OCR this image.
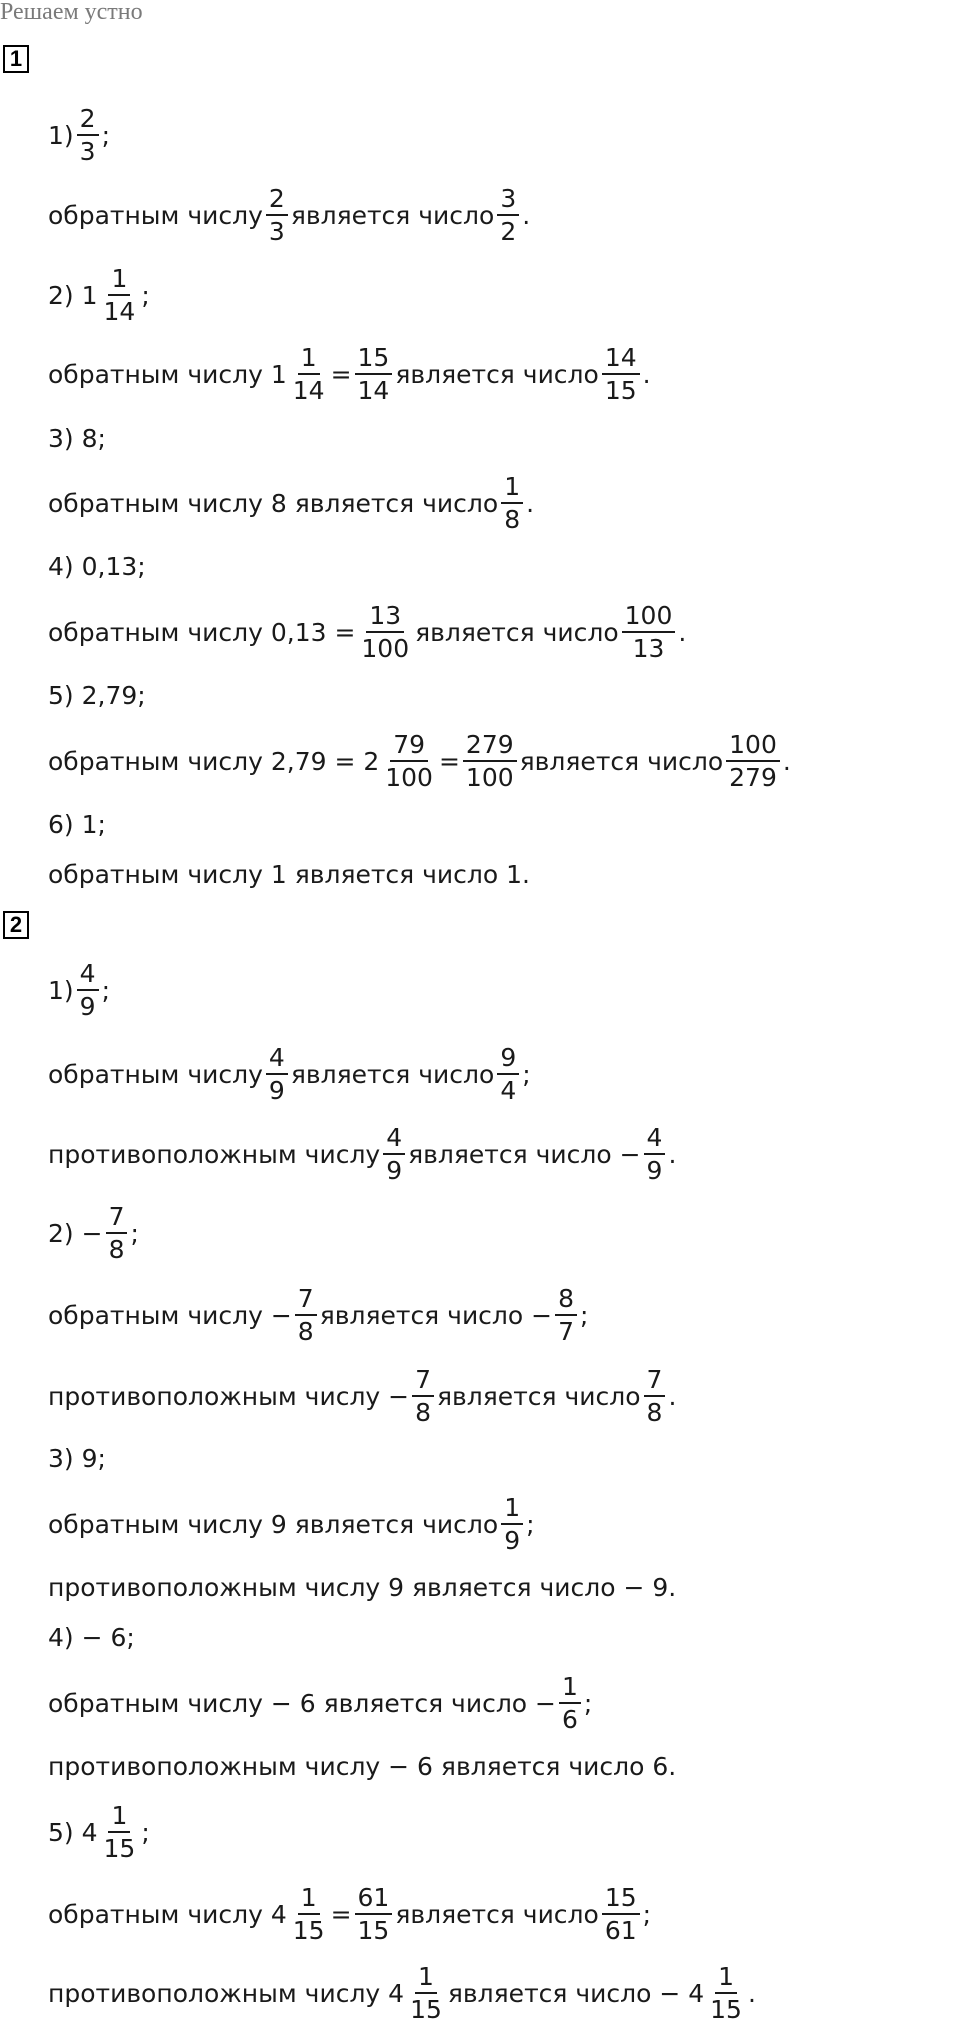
Решаем устно
1
$1) \frac{2}{3}$ ;
обратным числу $\frac{2}{3}$ является число $\frac{3}{2}$ .
2) $1 \frac{1}{14}$ ;
обратным числу $1 \frac{1}{14} = \frac{15}{14}$ является число $\frac{14}{15}$ .
3) 8;
обратным числу 8 является число $\frac{1}{8}$ .
4) 0,13;
обратным числу $0,13 = \frac{13}{100}$ является число $\frac{100}{13}$ .
5) 2,79;
обратным числу $2,79 = 2 \frac{79}{100} = \frac{279}{100}$ является число $\frac{100}{279}$ .
6) 1;
обратным числу 1 является число 1.
2
$1) \frac{4}{9}$ ;
обратным числу $\frac{4}{9}$ является число $\frac{9}{4}$ ;
противоположным числу $\frac{4}{9}$ является число − $\frac{4}{9}$ .
$2) - \frac{7}{8}$ ;
обратным числу − $\frac{7}{8}$ является число − $\frac{8}{7}$ ;
противоположным числу − $\frac{7}{8}$ является число $\frac{7}{8}$ .
3) 9;
обратным числу 9 является число $\frac{1}{9}$ ;
противоположным числу 9 является число − 9.
4) − 6;
обратным числу − 6 является число − $\frac{1}{6}$ ;
противоположным числу − 6 является число 6.
5) $4 \frac{1}{15}$ ;
обратным числу $4 \frac{1}{15} = \frac{61}{15}$ является число $\frac{15}{61}$ ;
противоположным числу $4 \frac{1}{15}$ является число − $4 \frac{1}{15}$ .
